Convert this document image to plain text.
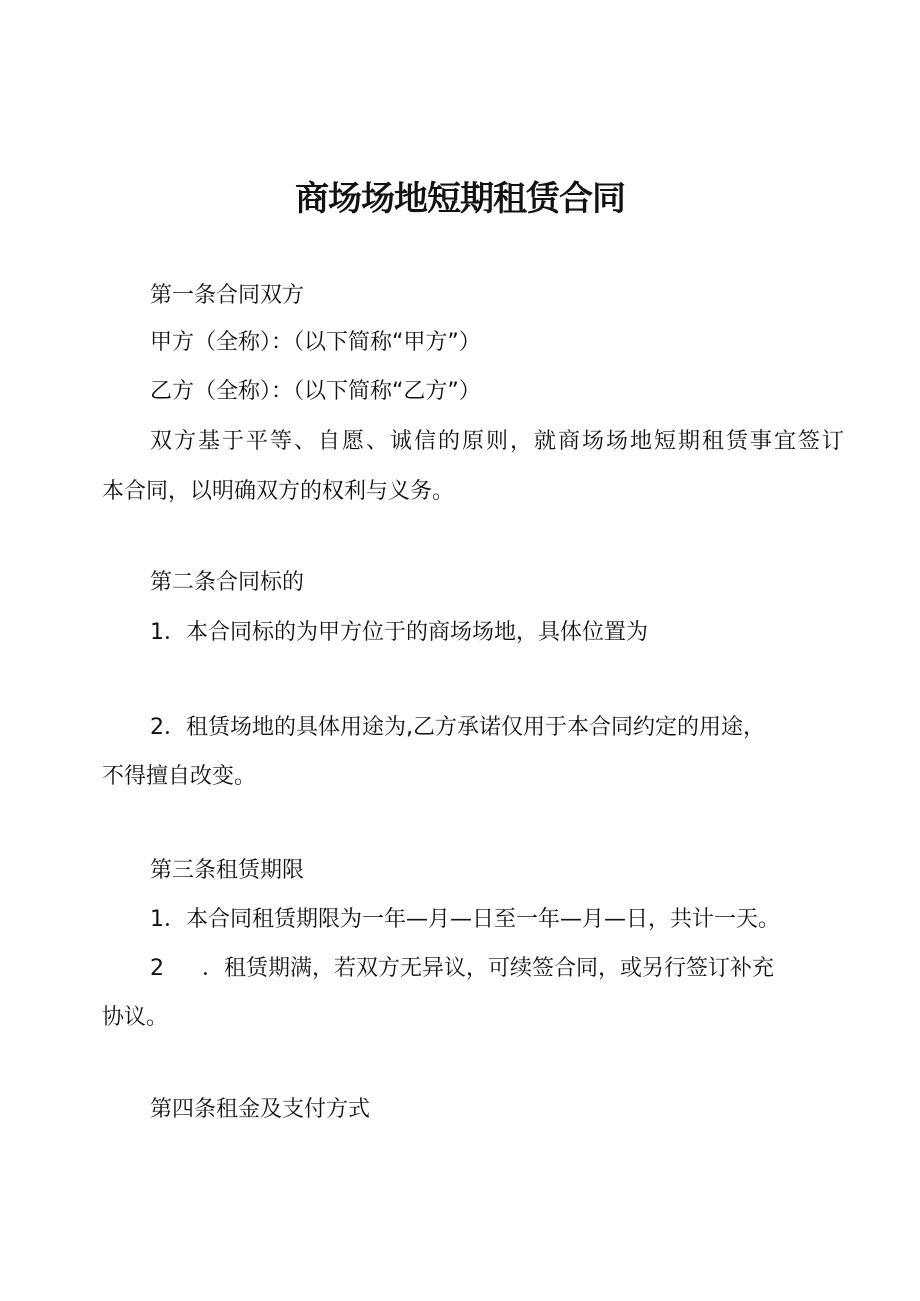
商场场地短期租赁合同

第一条合同双方

甲方（全称）：（以下简称“甲方”）

乙方（全称）：（以下简称“乙方”）

双方基于平等、自愿、诚信的原则，就商场场地短期租赁事宜签订

本合同，以明确双方的权利与义务。

第二条合同标的

1．本合同标的为甲方位于的商场场地，具体位置为

2．租赁场地的具体用途为,乙方承诺仅用于本合同约定的用途，

不得擅自改变。

第三条租赁期限

1．本合同租赁期限为一年—月—日至一年—月—日，共计一天。

2 ．租赁期满，若双方无异议，可续签合同，或另行签订补充

协议。

第四条租金及支付方式
